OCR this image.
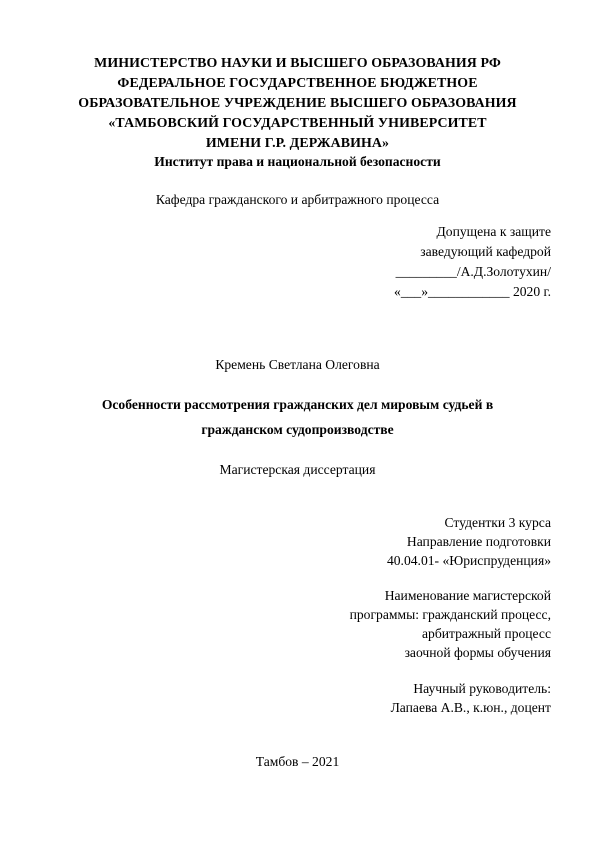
МИНИСТЕРСТВО НАУКИ И ВЫСШЕГО ОБРАЗОВАНИЯ РФ
ФЕДЕРАЛЬНОЕ ГОСУДАРСТВЕННОЕ БЮДЖЕТНОЕ
ОБРАЗОВАТЕЛЬНОЕ УЧРЕЖДЕНИЕ ВЫСШЕГО ОБРАЗОВАНИЯ
«ТАМБОВСКИЙ ГОСУДАРСТВЕННЫЙ УНИВЕРСИТЕТ
ИМЕНИ Г.Р. ДЕРЖАВИНА»
Институт права и национальной безопасности
Кафедра гражданского и арбитражного процесса
Допущена к защите
заведующий кафедрой
_________/А.Д.Золотухин/
«___»____________ 2020 г.
Кремень Светлана Олеговна
Особенности рассмотрения гражданских дел мировым судьей в
гражданском судопроизводстве
Магистерская диссертация
Студентки 3 курса
Направление подготовки
40.04.01- «Юриспруденция»
Наименование магистерской
программы: гражданский процесс,
арбитражный процесс
заочной формы обучения
Научный руководитель:
Лапаева А.В., к.юн., доцент
Тамбов – 2021
